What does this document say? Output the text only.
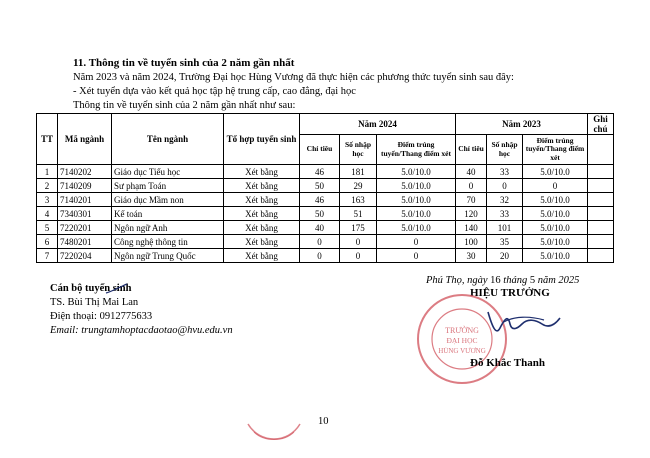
11. Thông tin về tuyển sinh của 2 năm gần nhất
Năm 2023 và năm 2024, Trường Đại học Hùng Vương đã thực hiện các phương thức tuyển sinh sau đây:
- Xét tuyển dựa vào kết quả học tập hệ trung cấp, cao đẳng, đại học
Thông tin về tuyển sinh của 2 năm gần nhất như sau:
TT	Mã ngành	Tên ngành	Tổ hợp tuyển sinh	Năm 2024			Năm 2023			Ghi chú
				Chỉ tiêu	Số nhập học	Điểm trúng tuyển/Thang điểm xét	Chỉ tiêu	Số nhập học	Điểm trúng tuyển/Thang điểm xét	
1	7140202	Giáo dục Tiểu học	Xét bằng	46	181	5.0/10.0	40	33	5.0/10.0	
2	7140209	Sư phạm Toán	Xét bằng	50	29	5.0/10.0	0	0	0	
3	7140201	Giáo dục Mầm non	Xét bằng	46	163	5.0/10.0	70	32	5.0/10.0	
4	7340301	Kế toán	Xét bằng	50	51	5.0/10.0	120	33	5.0/10.0	
5	7220201	Ngôn ngữ Anh	Xét bằng	40	175	5.0/10.0	140	101	5.0/10.0	
6	7480201	Công nghệ thông tin	Xét bằng	0	0	0	100	35	5.0/10.0	
7	7220204	Ngôn ngữ Trung Quốc	Xét bằng	0	0	0	30	20	5.0/10.0	
Cán bộ tuyển sinh
TS. Bùi Thị Mai Lan
Điện thoại: 0912775633
Email: trungtamhoptacdaotao@hvu.edu.vn
Phú Thọ, ngày 16 tháng 5 năm 2025
HIỆU TRƯỞNG
TRƯỜNG
ĐẠI HỌC
HÙNG VƯƠNG
Đỗ Khắc Thanh
10
